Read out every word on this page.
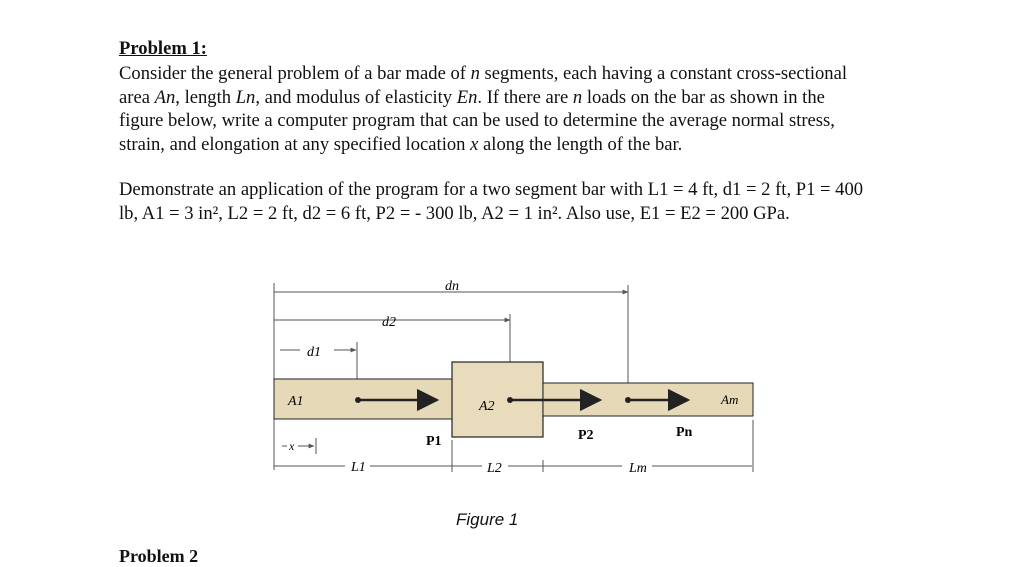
Problem 1:
Consider the general problem of a bar made of n segments, each having a constant cross-sectional
area An, length Ln, and modulus of elasticity En. If there are n loads on the bar as shown in the
figure below, write a computer program that can be used to determine the average normal stress,
strain, and elongation at any specified location x along the length of the bar.
Demonstrate an application of the program for a two segment bar with L1 = 4 ft, d1 = 2 ft, P1 = 400
lb, A1 = 3 in², L2 = 2 ft, d2 = 6 ft, P2 = - 300 lb, A2 = 1 in². Also use, E1 = E2 = 200 GPa.
dn
d2
d1
A1	A2	Am
P1	P2	Pn
x
L1	L2	Lm
Figure 1
Problem 2
